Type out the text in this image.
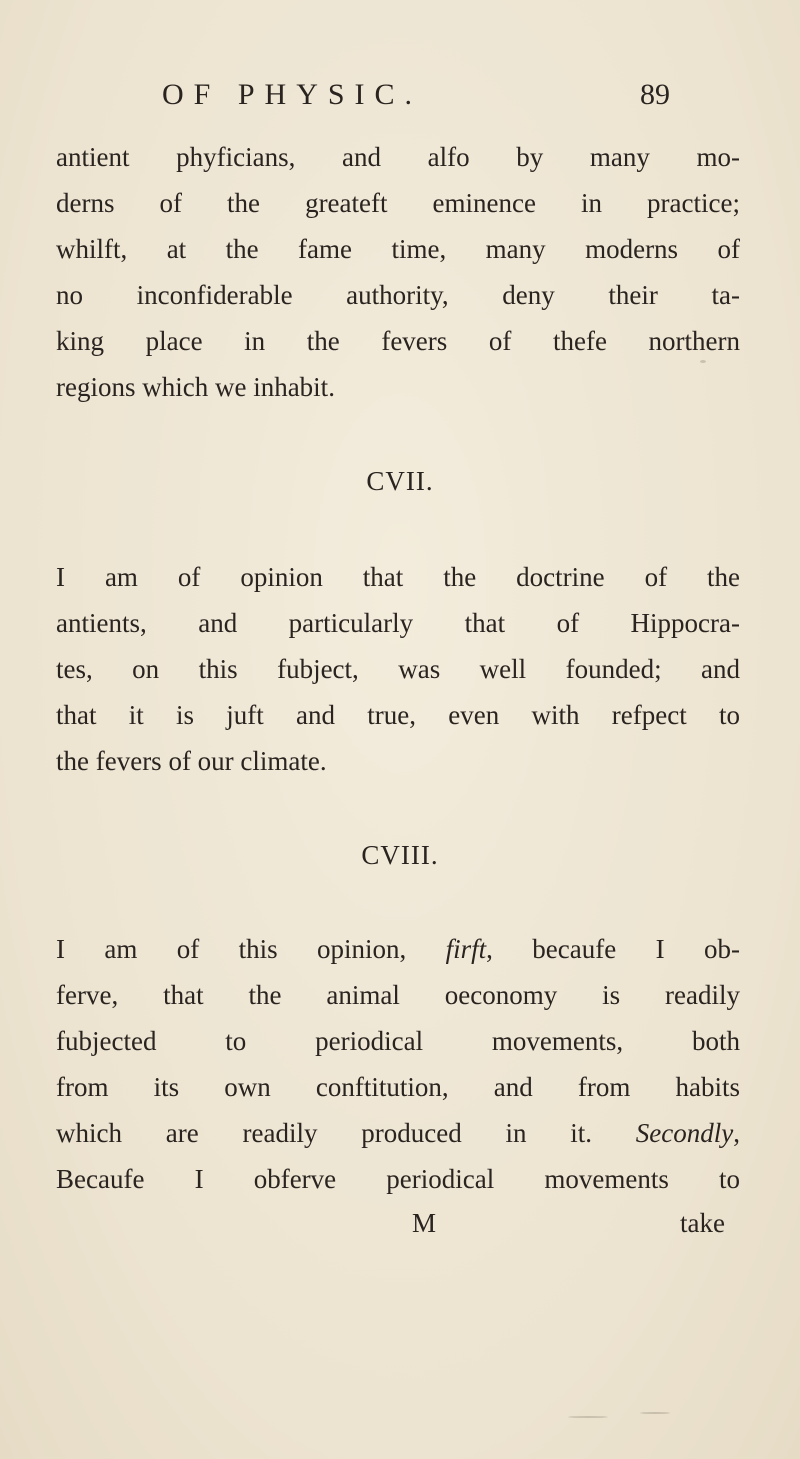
OF PHYSIC.	89
antient phyficians, and alfo by many mo-
derns of the greateft eminence in practice;
whilft, at the fame time, many moderns of
no inconfiderable authority, deny their ta-
king place in the fevers of thefe northern
regions which we inhabit.
CVII.
I am of opinion that the doctrine of the
antients, and particularly that of Hippocra-
tes, on this fubject, was well founded; and
that it is juft and true, even with refpect to
the fevers of our climate.
CVIII.
I am of this opinion, firft, becaufe I ob-
ferve, that the animal oeconomy is readily
fubjected to periodical movements, both
from its own conftitution, and from habits
which are readily produced in it. Secondly,
Becaufe I obferve periodical movements to
M	take
